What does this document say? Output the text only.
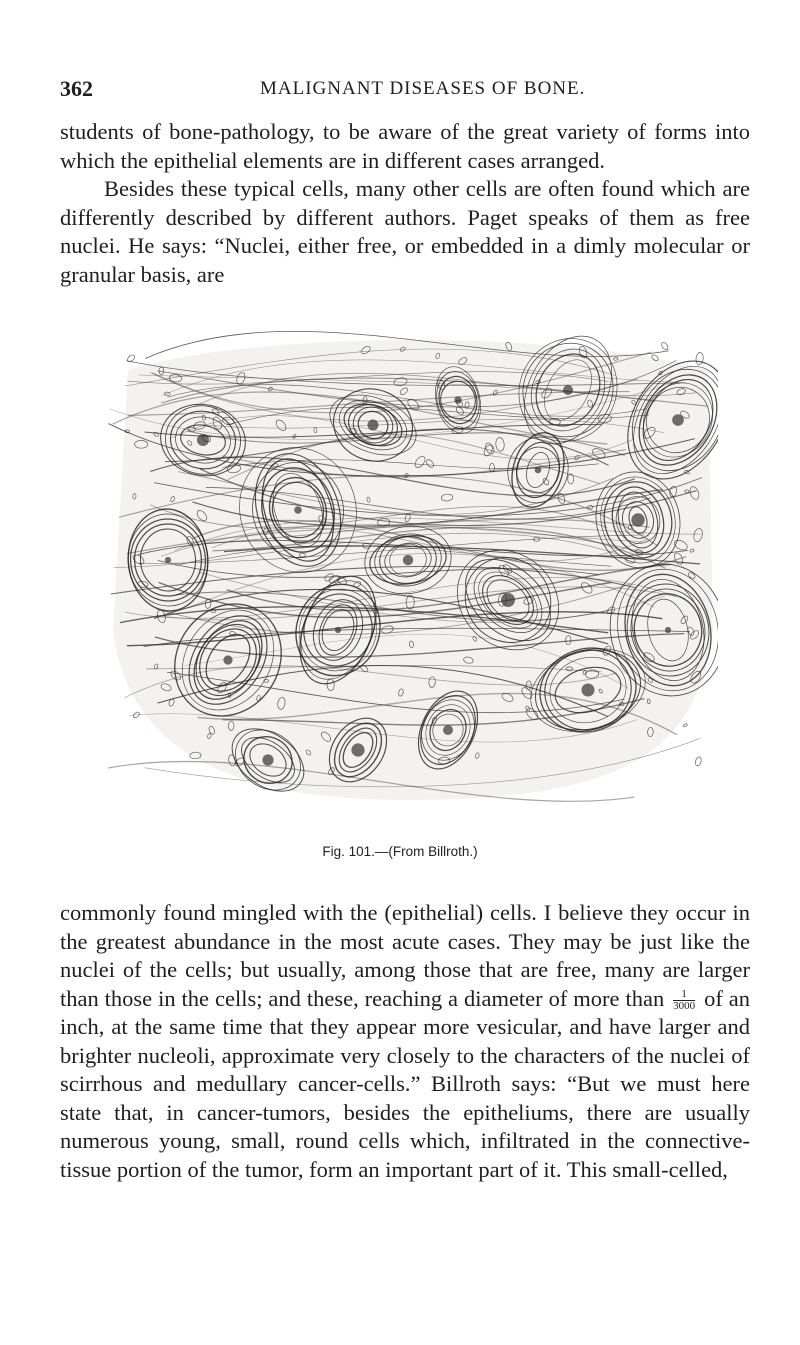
362	MALIGNANT DISEASES OF BONE.

students of bone-pathology, to be aware of the great variety of forms into which the epithelial elements are in different cases arranged.

Besides these typical cells, many other cells are often found which are differently described by different authors. Paget speaks of them as free nuclei. He says: “Nuclei, either free, or embedded in a dimly molecular or granular basis, are

Fig. 101.—(From Billroth.)

commonly found mingled with the (epithelial) cells. I believe they occur in the greatest abundance in the most acute cases. They may be just like the nuclei of the cells; but usually, among those that are free, many are larger than those in the cells; and these, reaching a diameter of more than $\frac{1}{3000}$ of an inch, at the same time that they appear more vesicular, and have larger and brighter nucleoli, approximate very closely to the characters of the nuclei of scirrhous and medullary cancer-cells.” Billroth says: “But we must here state that, in cancer-tumors, besides the epitheliums, there are usually numerous young, small, round cells which, infiltrated in the connective-tissue portion of the tumor, form an important part of it. This small-celled,
